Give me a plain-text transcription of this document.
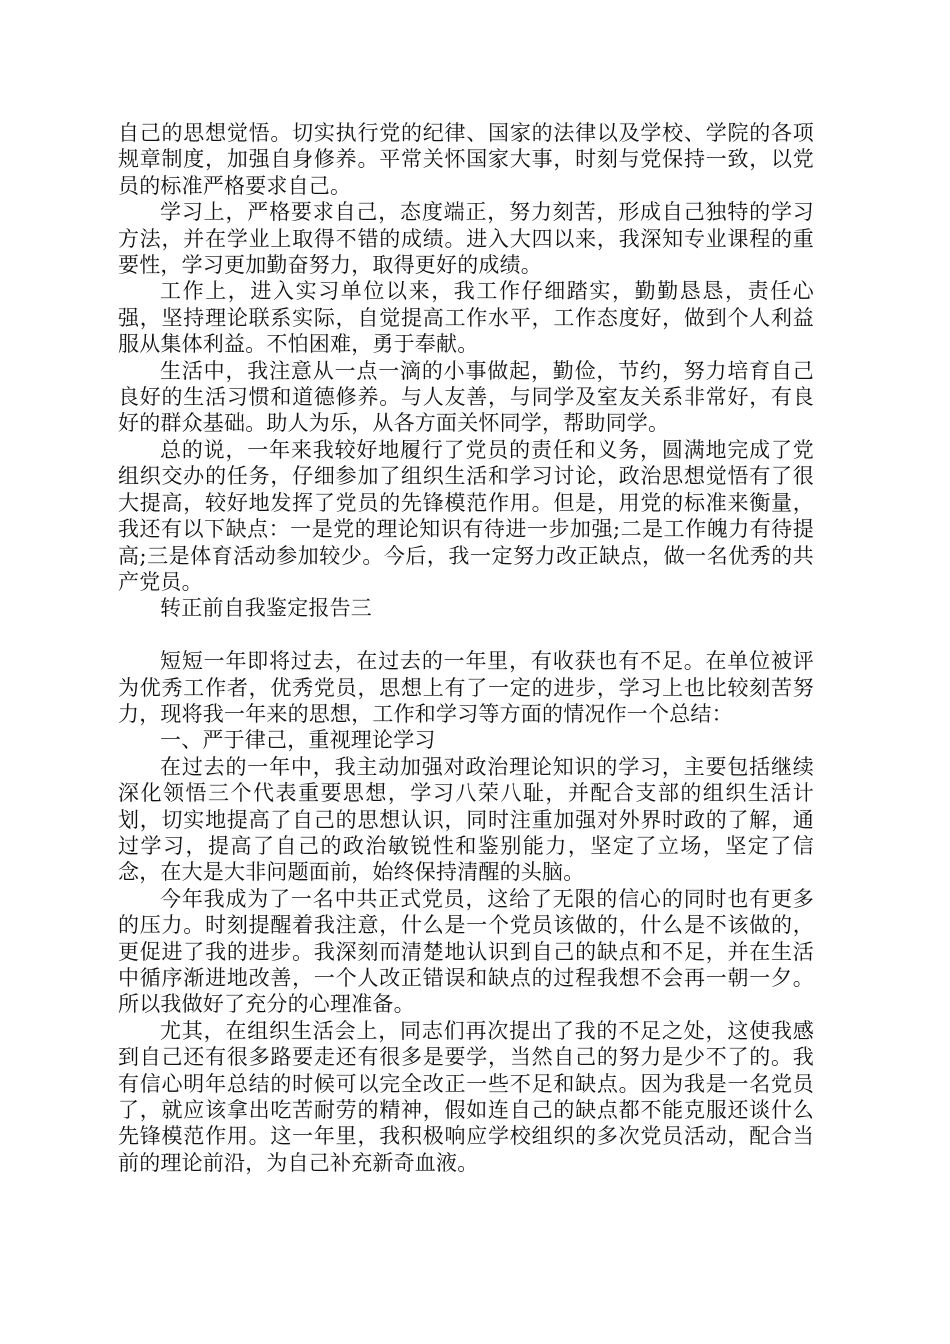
自己的思想觉悟。切实执行党的纪律、国家的法律以及学校、学院的各项规章制度，加强自身修养。平常关怀国家大事，时刻与党保持一致，以党员的标准严格要求自己。

学习上，严格要求自己，态度端正，努力刻苦，形成自己独特的学习方法，并在学业上取得不错的成绩。进入大四以来，我深知专业课程的重要性，学习更加勤奋努力，取得更好的成绩。

工作上，进入实习单位以来，我工作仔细踏实，勤勤恳恳，责任心强，坚持理论联系实际，自觉提高工作水平，工作态度好，做到个人利益服从集体利益。不怕困难，勇于奉献。

生活中，我注意从一点一滴的小事做起，勤俭，节约，努力培育自己良好的生活习惯和道德修养。与人友善，与同学及室友关系非常好，有良好的群众基础。助人为乐，从各方面关怀同学，帮助同学。

总的说，一年来我较好地履行了党员的责任和义务，圆满地完成了党组织交办的任务，仔细参加了组织生活和学习讨论，政治思想觉悟有了很大提高，较好地发挥了党员的先锋模范作用。但是，用党的标准来衡量，我还有以下缺点：一是党的理论知识有待进一步加强;二是工作魄力有待提高;三是体育活动参加较少。今后，我一定努力改正缺点，做一名优秀的共产党员。

转正前自我鉴定报告三

短短一年即将过去，在过去的一年里，有收获也有不足。在单位被评为优秀工作者，优秀党员，思想上有了一定的进步，学习上也比较刻苦努力，现将我一年来的思想，工作和学习等方面的情况作一个总结：

一、严于律己，重视理论学习

在过去的一年中，我主动加强对政治理论知识的学习，主要包括继续深化领悟三个代表重要思想，学习八荣八耻，并配合支部的组织生活计划，切实地提高了自己的思想认识，同时注重加强对外界时政的了解，通过学习，提高了自己的政治敏锐性和鉴别能力，坚定了立场，坚定了信念，在大是大非问题面前，始终保持清醒的头脑。

今年我成为了一名中共正式党员，这给了无限的信心的同时也有更多的压力。时刻提醒着我注意，什么是一个党员该做的，什么是不该做的，更促进了我的进步。我深刻而清楚地认识到自己的缺点和不足，并在生活中循序渐进地改善，一个人改正错误和缺点的过程我想不会再一朝一夕。所以我做好了充分的心理准备。

尤其，在组织生活会上，同志们再次提出了我的不足之处，这使我感到自己还有很多路要走还有很多是要学，当然自己的努力是少不了的。我有信心明年总结的时候可以完全改正一些不足和缺点。因为我是一名党员了，就应该拿出吃苦耐劳的精神，假如连自己的缺点都不能克服还谈什么先锋模范作用。这一年里，我积极响应学校组织的多次党员活动，配合当前的理论前沿，为自己补充新奇血液。
